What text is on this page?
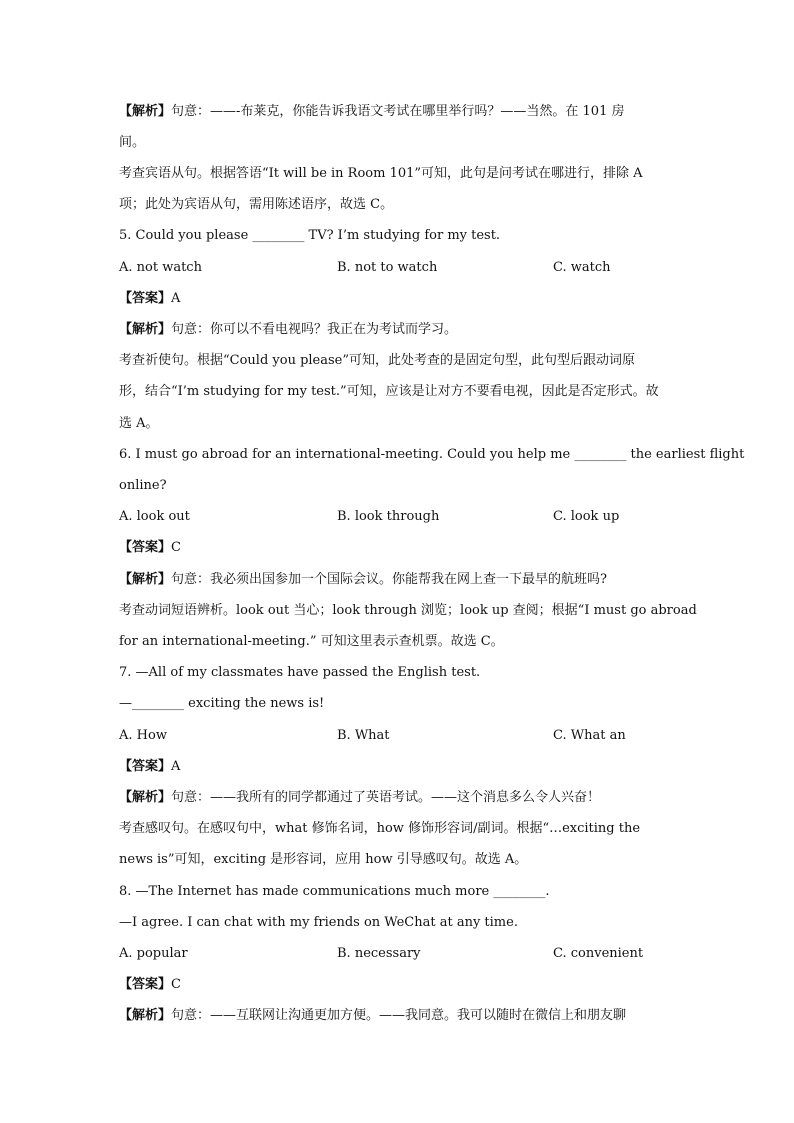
【解析】句意：——-布莱克，你能告诉我语文考试在哪里举行吗？——当然。在 101 房
间。
考查宾语从句。根据答语“It will be in Room 101”可知，此句是问考试在哪进行，排除 A
项；此处为宾语从句，需用陈述语序，故选 C。
5. Could you please ________ TV? I’m studying for my test.
A. not watch	B. not to watch	C. watch
【答案】A
【解析】句意：你可以不看电视吗？我正在为考试而学习。
考查祈使句。根据“Could you please”可知，此处考查的是固定句型，此句型后跟动词原
形，结合“I’m studying for my test.”可知，应该是让对方不要看电视，因此是否定形式。故
选 A。
6. I must go abroad for an international-meeting. Could you help me ________ the earliest flight
online?
A. look out	B. look through	C. look up
【答案】C
【解析】句意：我必须出国参加一个国际会议。你能帮我在网上查一下最早的航班吗?
考查动词短语辨析。look out 当心；look through 浏览；look up 查阅；根据“I must go abroad
for an international-meeting.” 可知这里表示查机票。故选 C。
7. —All of my classmates have passed the English test.
—________ exciting the news is!
A. How	B. What	C. What an
【答案】A
【解析】句意：——我所有的同学都通过了英语考试。——这个消息多么令人兴奋！
考查感叹句。在感叹句中，what 修饰名词，how 修饰形容词/副词。根据“…exciting the
news is”可知，exciting 是形容词，应用 how 引导感叹句。故选 A。
8. —The Internet has made communications much more ________.
—I agree. I can chat with my friends on WeChat at any time.
A. popular	B. necessary	C. convenient
【答案】C
【解析】句意：——互联网让沟通更加方便。——我同意。我可以随时在微信上和朋友聊
